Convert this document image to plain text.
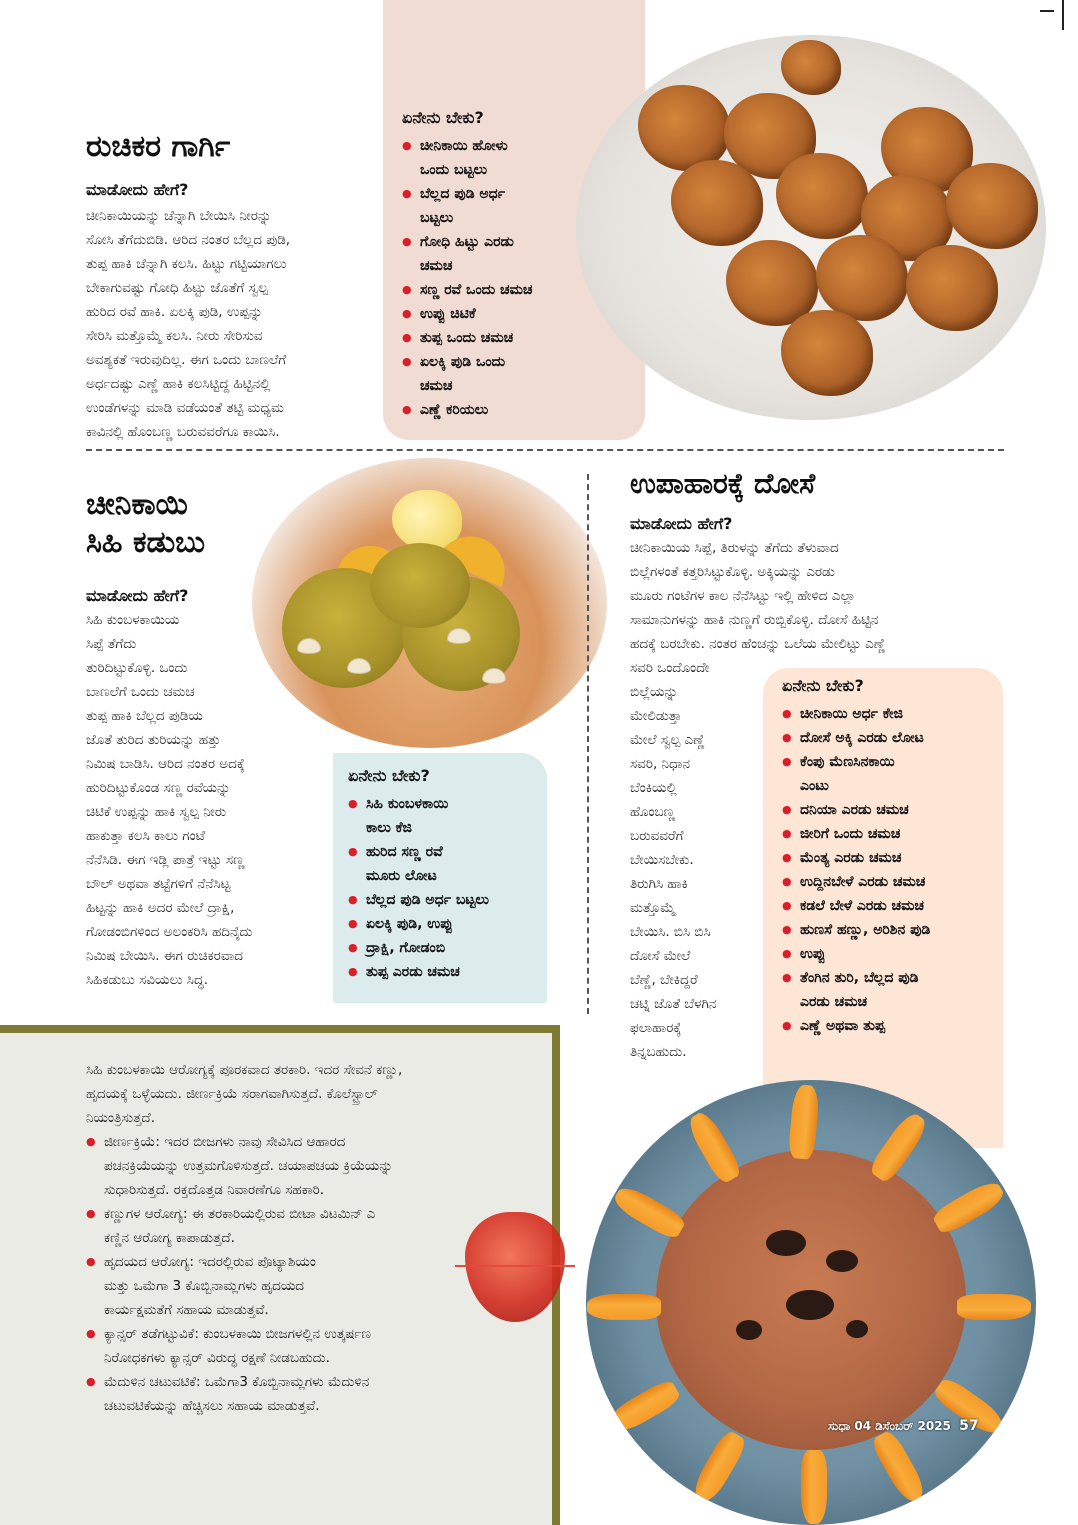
ರುಚಿಕರ ಗಾರ್ಗಿ
ಮಾಡೋದು ಹೇಗೆ?
ಚೀನಿಕಾಯಿಯನ್ನು ಚೆನ್ನಾಗಿ ಬೇಯಿಸಿ ನೀರನ್ನು
ಸೋಸಿ ತೆಗೆದುಬಿಡಿ. ಆರಿದ ನಂತರ ಬೆಲ್ಲದ ಪುಡಿ,
ತುಪ್ಪ ಹಾಕಿ ಚೆನ್ನಾಗಿ ಕಲಸಿ. ಹಿಟ್ಟು ಗಟ್ಟಿಯಾಗಲು
ಬೇಕಾಗುವಷ್ಟು ಗೋಧಿ ಹಿಟ್ಟು ಜೊತೆಗೆ ಸ್ವಲ್ಪ
ಹುರಿದ ರವೆ ಹಾಕಿ. ಏಲಕ್ಕಿ ಪುಡಿ, ಉಪ್ಪನ್ನು
ಸೇರಿಸಿ ಮತ್ತೊಮ್ಮೆ ಕಲಸಿ. ನೀರು ಸೇರಿಸುವ
ಅವಶ್ಯಕತೆ ಇರುವುದಿಲ್ಲ. ಈಗ ಒಂದು ಬಾಣಲೆಗೆ
ಅರ್ಧದಷ್ಟು ಎಣ್ಣೆ ಹಾಕಿ ಕಲಸಿಟ್ಟಿದ್ದ ಹಿಟ್ಟಿನಲ್ಲಿ
ಉಂಡೆಗಳನ್ನು ಮಾಡಿ ವಡೆಯಂತೆ ತಟ್ಟಿ ಮಧ್ಯಮ
ಕಾವಿನಲ್ಲಿ ಹೊಂಬಣ್ಣ ಬರುವವರೆಗೂ ಕಾಯಿಸಿ.
ಏನೇನು ಬೇಕು?
● ಚೀನಿಕಾಯಿ ಹೋಳು
ಒಂದು ಬಟ್ಟಲು
● ಬೆಲ್ಲದ ಪುಡಿ ಅರ್ಧ
ಬಟ್ಟಲು
● ಗೋಧಿ ಹಿಟ್ಟು ಎರಡು
ಚಮಚ
● ಸಣ್ಣ ರವೆ ಒಂದು ಚಮಚ
● ಉಪ್ಪು ಚಿಟಿಕೆ
● ತುಪ್ಪ ಒಂದು ಚಮಚ
● ಏಲಕ್ಕಿ ಪುಡಿ ಒಂದು
ಚಮಚ
● ಎಣ್ಣೆ ಕರಿಯಲು
ಚೀನಿಕಾಯಿ
ಸಿಹಿ ಕಡುಬು
ಮಾಡೋದು ಹೇಗೆ?
ಸಿಹಿ ಕುಂಬಳಕಾಯಿಯ
ಸಿಪ್ಪೆ ತೆಗೆದು
ತುರಿದಿಟ್ಟುಕೊಳ್ಳಿ. ಒಂದು
ಬಾಣಲೆಗೆ ಒಂದು ಚಮಚ
ತುಪ್ಪ ಹಾಕಿ ಬೆಲ್ಲದ ಪುಡಿಯ
ಜೊತೆ ತುರಿದ ತುರಿಯನ್ನು ಹತ್ತು
ನಿಮಿಷ ಬಾಡಿಸಿ. ಆರಿದ ನಂತರ ಅದಕ್ಕೆ
ಹುರಿದಿಟ್ಟುಕೊಂಡ ಸಣ್ಣ ರವೆಯನ್ನು
ಚಿಟಿಕೆ ಉಪ್ಪನ್ನು ಹಾಕಿ ಸ್ವಲ್ಪ ನೀರು
ಹಾಕುತ್ತಾ ಕಲಸಿ ಕಾಲು ಗಂಟೆ
ನೆನೆಸಿಡಿ. ಈಗ ಇಡ್ಲಿ ಪಾತ್ರೆ ಇಟ್ಟು ಸಣ್ಣ
ಬೌಲ್ ಅಥವಾ ತಟ್ಟೆಗಳಿಗೆ ನೆನೆಸಿಟ್ಟ
ಹಿಟ್ಟನ್ನು ಹಾಕಿ ಅದರ ಮೇಲೆ ದ್ರಾಕ್ಷಿ,
ಗೋಡಂಬಿಗಳಿಂದ ಅಲಂಕರಿಸಿ ಹದಿನೈದು
ನಿಮಿಷ ಬೇಯಿಸಿ. ಈಗ ರುಚಿಕರವಾದ
ಸಿಹಿಕಡುಬು ಸವಿಯಲು ಸಿದ್ಧ.
ಏನೇನು ಬೇಕು?
● ಸಿಹಿ ಕುಂಬಳಕಾಯಿ
ಕಾಲು ಕೆಜಿ
● ಹುರಿದ ಸಣ್ಣ ರವೆ
ಮೂರು ಲೋಟ
● ಬೆಲ್ಲದ ಪುಡಿ ಅರ್ಧ ಬಟ್ಟಲು
● ಏಲಕ್ಕಿ ಪುಡಿ, ಉಪ್ಪು
● ದ್ರಾಕ್ಷಿ, ಗೋಡಂಬಿ
● ತುಪ್ಪ ಎರಡು ಚಮಚ
ಉಪಾಹಾರಕ್ಕೆ ದೋಸೆ
ಮಾಡೋದು ಹೇಗೆ?
ಚೀನಿಕಾಯಿಯ ಸಿಪ್ಪೆ, ತಿರುಳನ್ನು ತೆಗೆದು ತೆಳುವಾದ
ಬಿಲ್ಲೆಗಳಂತೆ ಕತ್ತರಿಸಿಟ್ಟುಕೊಳ್ಳಿ. ಅಕ್ಕಿಯನ್ನು ಎರಡು
ಮೂರು ಗಂಟೆಗಳ ಕಾಲ ನೆನೆಸಿಟ್ಟು ಇಲ್ಲಿ ಹೇಳಿದ ಎಲ್ಲಾ
ಸಾಮಾನುಗಳನ್ನು ಹಾಕಿ ನುಣ್ಣಗೆ ರುಬ್ಬಿಕೊಳ್ಳಿ. ದೋಸೆ ಹಿಟ್ಟಿನ
ಹದಕ್ಕೆ ಬರಬೇಕು. ನಂತರ ಹೆಂಚನ್ನು ಒಲೆಯ ಮೇಲಿಟ್ಟು ಎಣ್ಣೆ
ಸವರಿ ಒಂದೊಂದೇ
ಬಿಲ್ಲೆಯನ್ನು
ಮೇಲಿಡುತ್ತಾ
ಮೇಲೆ ಸ್ವಲ್ಪ ಎಣ್ಣೆ
ಸವರಿ, ನಿಧಾನ
ಬೆಂಕಿಯಲ್ಲಿ
ಹೊಂಬಣ್ಣ
ಬರುವವರೆಗೆ
ಬೇಯಿಸಬೇಕು.
ತಿರುಗಿಸಿ ಹಾಕಿ
ಮತ್ತೊಮ್ಮೆ
ಬೇಯಿಸಿ. ಬಿಸಿ ಬಿಸಿ
ದೋಸೆ ಮೇಲೆ
ಬೆಣ್ಣೆ, ಬೇಕಿದ್ದರೆ
ಚಟ್ನಿ ಜೊತೆ ಬೆಳಗಿನ
ಫಲಾಹಾರಕ್ಕೆ
ತಿನ್ನಬಹುದು.
ಏನೇನು ಬೇಕು?
● ಚೀನಿಕಾಯಿ ಅರ್ಧ ಕೇಜಿ
● ದೋಸೆ ಅಕ್ಕಿ ಎರಡು ಲೋಟ
● ಕೆಂಪು ಮೆಣಸಿನಕಾಯಿ
ಎಂಟು
● ದನಿಯಾ ಎರಡು ಚಮಚ
● ಜೀರಿಗೆ ಒಂದು ಚಮಚ
● ಮೆಂತ್ಯ ಎರಡು ಚಮಚ
● ಉದ್ದಿನಬೇಳೆ ಎರಡು ಚಮಚ
● ಕಡಲೆ ಬೇಳೆ ಎರಡು ಚಮಚ
● ಹುಣಸೆ ಹಣ್ಣು, ಅರಿಶಿನ ಪುಡಿ
● ಉಪ್ಪು
● ತೆಂಗಿನ ತುರಿ, ಬೆಲ್ಲದ ಪುಡಿ
ಎರಡು ಚಮಚ
● ಎಣ್ಣೆ ಅಥವಾ ತುಪ್ಪ
ಸಿಹಿ ಕುಂಬಳಕಾಯಿ ಆರೋಗ್ಯಕ್ಕೆ ಪೂರಕವಾದ ತರಕಾರಿ. ಇದರ ಸೇವನೆ ಕಣ್ಣು,
ಹೃದಯಕ್ಕೆ ಒಳ್ಳೆಯದು. ಜೀರ್ಣಕ್ರಿಯೆ ಸರಾಗವಾಗಿಸುತ್ತದೆ. ಕೊಲೆಸ್ಟ್ರಾಲ್
ನಿಯಂತ್ರಿಸುತ್ತದೆ.
● ಜೀರ್ಣಕ್ರಿಯೆ: ಇದರ ಬೀಜಗಳು ನಾವು ಸೇವಿಸಿದ ಆಹಾರದ
ಪಚನಕ್ರಿಯೆಯನ್ನು ಉತ್ತಮಗೊಳಿಸುತ್ತದೆ. ಚಯಾಪಚಯ ಕ್ರಿಯೆಯನ್ನು
ಸುಧಾರಿಸುತ್ತದೆ. ರಕ್ತದೊತ್ತಡ ನಿವಾರಣೆಗೂ ಸಹಕಾರಿ.
● ಕಣ್ಣುಗಳ ಆರೋಗ್ಯ: ಈ ತರಕಾರಿಯಲ್ಲಿರುವ ಬೀಟಾ ವಿಟಮಿನ್ ಎ
ಕಣ್ಣಿನ ಆರೋಗ್ಯ ಕಾಪಾಡುತ್ತದೆ.
● ಹೃದಯದ ಆರೋಗ್ಯ: ಇದರಲ್ಲಿರುವ ಪೊಟ್ಯಾಶಿಯಂ
ಮತ್ತು ಒಮೆಗಾ 3 ಕೊಬ್ಬಿನಾಮ್ಲಗಳು ಹೃದಯದ
ಕಾರ್ಯಕ್ಷಮತೆಗೆ ಸಹಾಯ ಮಾಡುತ್ತವೆ.
● ಕ್ಯಾನ್ಸರ್ ತಡೆಗಟ್ಟುವಿಕೆ: ಕುಂಬಳಕಾಯಿ ಬೀಜಗಳಲ್ಲಿನ ಉತ್ಕರ್ಷಣ
ನಿರೋಧಕಗಳು ಕ್ಯಾನ್ಸರ್ ವಿರುದ್ಧ ರಕ್ಷಣೆ ನೀಡಬಹುದು.
● ಮೆದುಳಿನ ಚಟುವಟಿಕೆ: ಒಮೆಗಾ3 ಕೊಬ್ಬಿನಾಮ್ಲಗಳು ಮೆದುಳಿನ
ಚಟುವಟಿಕೆಯನ್ನು ಹೆಚ್ಚಿಸಲು ಸಹಾಯ ಮಾಡುತ್ತವೆ.
ಸುಧಾ 04 ಡಿಸೆಂಬರ್ 2025 57
